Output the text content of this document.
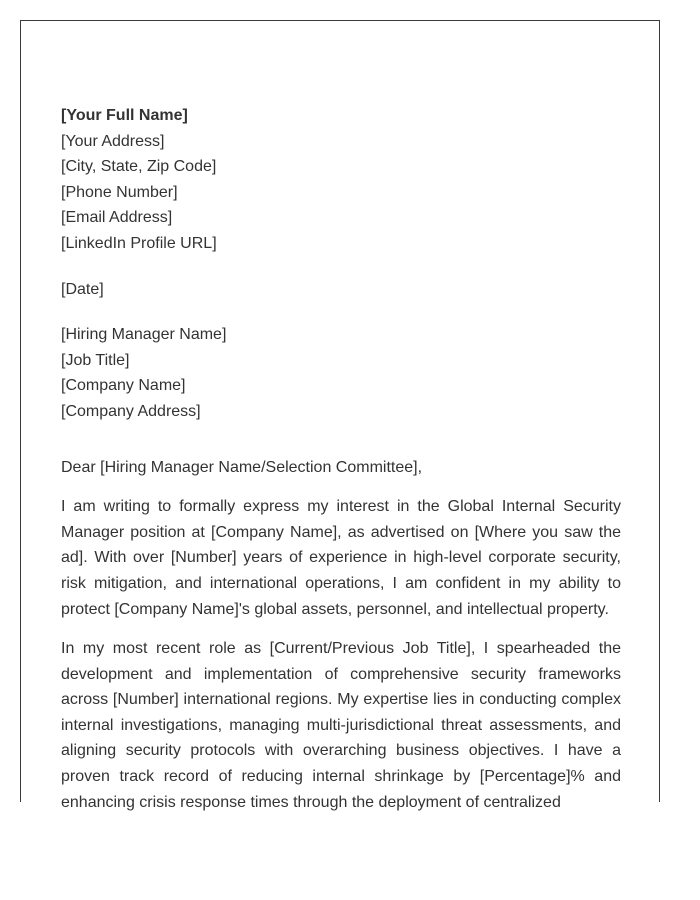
[Your Full Name]
[Your Address]
[City, State, Zip Code]
[Phone Number]
[Email Address]
[LinkedIn Profile URL]
[Date]
[Hiring Manager Name]
[Job Title]
[Company Name]
[Company Address]

Dear [Hiring Manager Name/Selection Committee],

I am writing to formally express my interest in the Global Internal Security Manager position at [Company Name], as advertised on [Where you saw the ad]. With over [Number] years of experience in high-level corporate security, risk mitigation, and international operations, I am confident in my ability to protect [Company Name]'s global assets, personnel, and intellectual property.

In my most recent role as [Current/Previous Job Title], I spearheaded the development and implementation of comprehensive security frameworks across [Number] international regions. My expertise lies in conducting complex internal investigations, managing multi-jurisdictional threat assessments, and aligning security protocols with overarching business objectives. I have a proven track record of reducing internal shrinkage by [Percentage]% and enhancing crisis response times through the deployment of centralized
